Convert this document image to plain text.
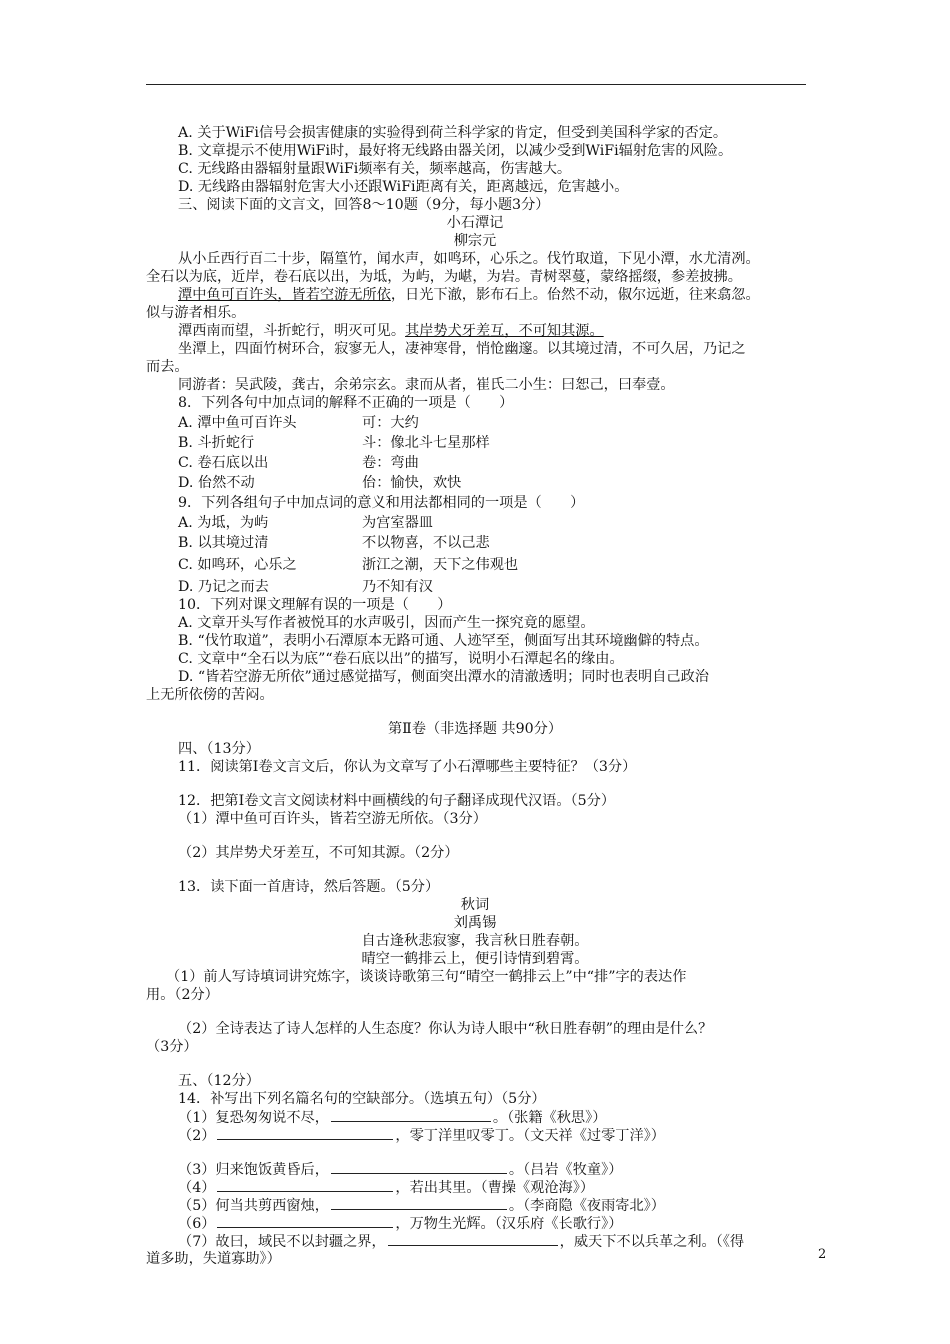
A. 关于WiFi信号会损害健康的实验得到荷兰科学家的肯定，但受到美国科学家的否定。
B. 文章提示不使用WiFi时，最好将无线路由器关闭，以减少受到WiFi辐射危害的风险。
C. 无线路由器辐射量跟WiFi频率有关，频率越高，伤害越大。
D. 无线路由器辐射危害大小还跟WiFi距离有关，距离越远，危害越小。
三、阅读下面的文言文，回答8～10题（9分，每小题3分）
小石潭记
柳宗元
从小丘西行百二十步，隔篁竹，闻水声，如鸣环，心乐之。伐竹取道，下见小潭，水尤清冽。
全石以为底，近岸，卷石底以出，为坻，为屿，为嵁，为岩。青树翠蔓，蒙络摇缀，参差披拂。
潭中鱼可百许头，皆若空游无所依，日光下澈，影布石上。佁然不动，俶尔远逝，往来翕忽。
似与游者相乐。
潭西南而望，斗折蛇行，明灭可见。其岸势犬牙差互，不可知其源。
坐潭上，四面竹树环合，寂寥无人，凄神寒骨，悄怆幽邃。以其境过清，不可久居，乃记之
而去。
同游者：吴武陵，龚古，余弟宗玄。隶而从者，崔氏二小生：曰恕己，曰奉壹。
8．下列各句中加点词的解释不正确的一项是（　　）
A. 潭中鱼可百许头	可：大约
B. 斗折蛇行	斗：像北斗七星那样
C. 卷石底以出	卷：弯曲
D. 佁然不动	佁：愉快，欢快
9．下列各组句子中加点词的意义和用法都相同的一项是（　　）
A. 为坻，为屿	为宫室器皿
B. 以其境过清	不以物喜，不以己悲
C. 如鸣环，心乐之	浙江之潮，天下之伟观也
D. 乃记之而去	乃不知有汉
10．下列对课文理解有误的一项是（　　）
A. 文章开头写作者被悦耳的水声吸引，因而产生一探究竟的愿望。
B. “伐竹取道”，表明小石潭原本无路可通、人迹罕至，侧面写出其环境幽僻的特点。
C. 文章中“全石以为底”“卷石底以出”的描写，说明小石潭起名的缘由。
D. “皆若空游无所依”通过感觉描写，侧面突出潭水的清澈透明；同时也表明自己政治
上无所依傍的苦闷。
第Ⅱ卷（非选择题 共90分）
四、（13分）
11．阅读第Ⅰ卷文言文后，你认为文章写了小石潭哪些主要特征？（3分）
12．把第Ⅰ卷文言文阅读材料中画横线的句子翻译成现代汉语。（5分）
（1）潭中鱼可百许头，皆若空游无所依。（3分）
（2）其岸势犬牙差互，不可知其源。（2分）
13．读下面一首唐诗，然后答题。（5分）
秋词
刘禹锡
自古逢秋悲寂寥，我言秋日胜春朝。
晴空一鹤排云上，便引诗情到碧霄。
（1）前人写诗填词讲究炼字，谈谈诗歌第三句“晴空一鹤排云上”中“排”字的表达作
用。（2分）
（2）全诗表达了诗人怎样的人生态度？你认为诗人眼中“秋日胜春朝”的理由是什么？
（3分）
五、（12分）
14．补写出下列名篇名句的空缺部分。（选填五句）（5分）
（1）复恐匆匆说不尽，	。（张籍《秋思》）
（2）	，零丁洋里叹零丁。（文天祥《过零丁洋》）
（3）归来饱饭黄昏后，	。（吕岩《牧童》）
（4）	，若出其里。（曹操《观沧海》）
（5）何当共剪西窗烛，	。（李商隐《夜雨寄北》）
（6）	，万物生光辉。（汉乐府《长歌行》）
（7）故曰，域民不以封疆之界，	，威天下不以兵革之利。（《得
道多助，失道寡助》）	2
